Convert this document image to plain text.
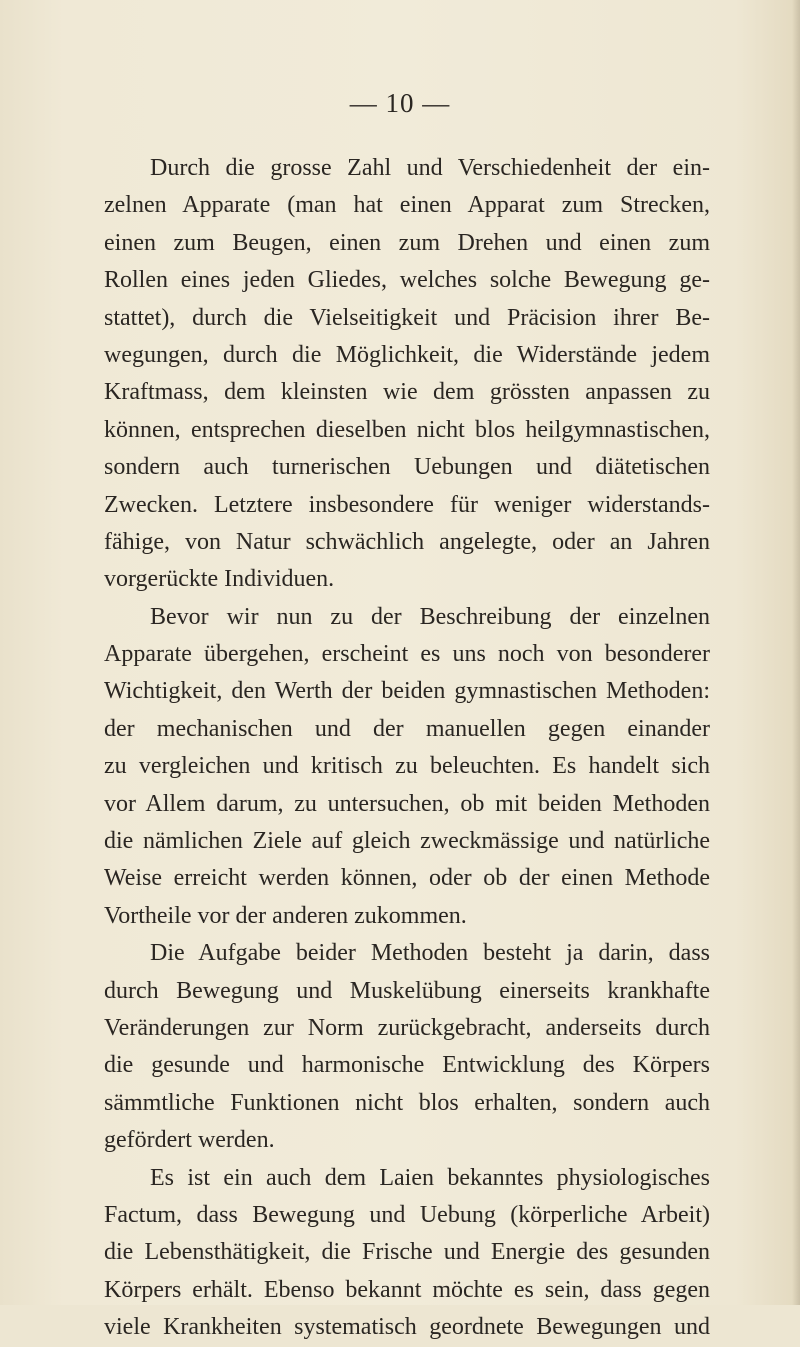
— 10 —
Durch die grosse Zahl und Verschiedenheit der ein-
zelnen Apparate (man hat einen Apparat zum Strecken,
einen zum Beugen, einen zum Drehen und einen zum
Rollen eines jeden Gliedes, welches solche Bewegung ge-
stattet), durch die Vielseitigkeit und Präcision ihrer Be-
wegungen, durch die Möglichkeit, die Widerstände jedem
Kraftmass, dem kleinsten wie dem grössten anpassen zu
können, entsprechen dieselben nicht blos heilgymnastischen,
sondern auch turnerischen Uebungen und diätetischen
Zwecken. Letztere insbesondere für weniger widerstands-
fähige, von Natur schwächlich angelegte, oder an Jahren
vorgerückte Individuen.
Bevor wir nun zu der Beschreibung der einzelnen
Apparate übergehen, erscheint es uns noch von besonderer
Wichtigkeit, den Werth der beiden gymnastischen Methoden:
der mechanischen und der manuellen gegen einander
zu vergleichen und kritisch zu beleuchten. Es handelt sich
vor Allem darum, zu untersuchen, ob mit beiden Methoden
die nämlichen Ziele auf gleich zweckmässige und natürliche
Weise erreicht werden können, oder ob der einen Methode
Vortheile vor der anderen zukommen.
Die Aufgabe beider Methoden besteht ja darin, dass
durch Bewegung und Muskelübung einerseits krankhafte
Veränderungen zur Norm zurückgebracht, anderseits durch
die gesunde und harmonische Entwicklung des Körpers
sämmtliche Funktionen nicht blos erhalten, sondern auch
gefördert werden.
Es ist ein auch dem Laien bekanntes physiologisches
Factum, dass Bewegung und Uebung (körperliche Arbeit)
die Lebensthätigkeit, die Frische und Energie des gesunden
Körpers erhält. Ebenso bekannt möchte es sein, dass gegen
viele Krankheiten systematisch geordnete Bewegungen und
